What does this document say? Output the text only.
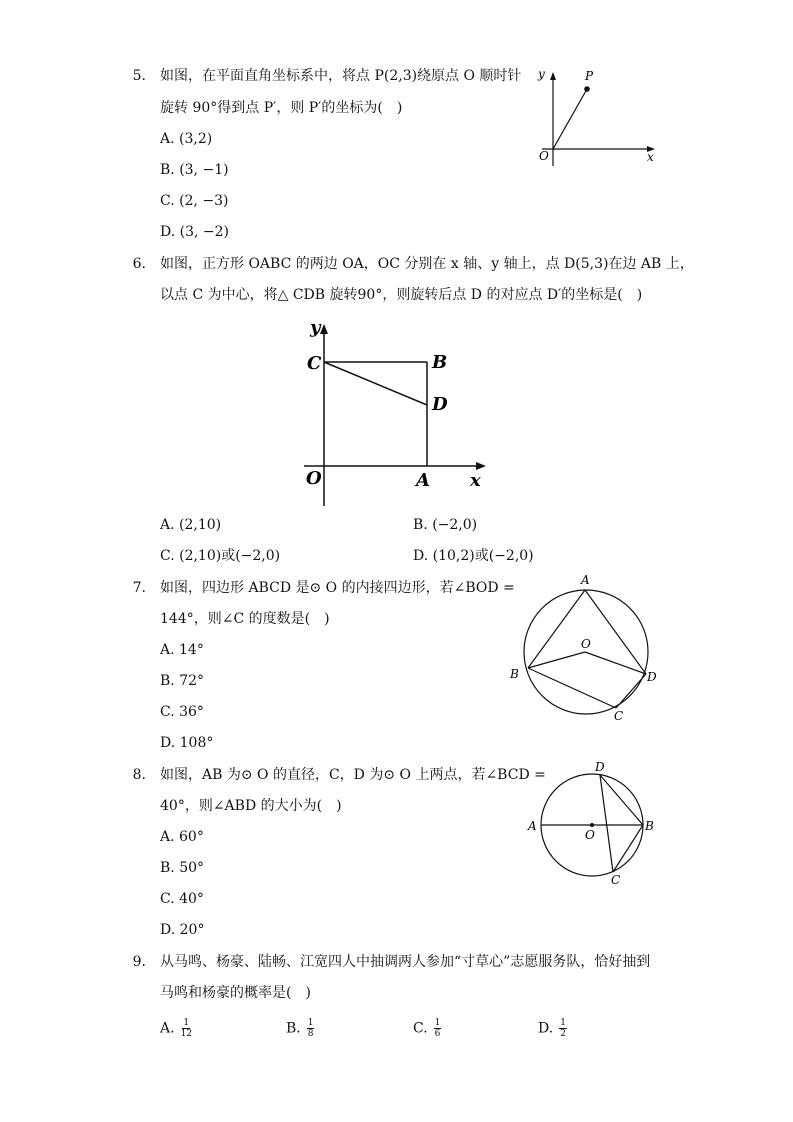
5. 如图，在平面直角坐标系中，将点 P(2,3)绕原点 O 顺时针
旋转 90°得到点 P′，则 P′的坐标为(　)
A. (3,2)
B. (3, −1)
C. (2, −3)
D. (3, −2)
y	P
O	x
6. 如图，正方形 OABC 的两边 OA，OC 分别在 x 轴、y 轴上，点 D(5,3)在边 AB 上，
以点 C 为中心，将△ CDB 旋转90°，则旋转后点 D 的对应点 D′的坐标是(　)
y
C	B
D
O	A x
A. (2,10)	B. (−2,0)
C. (2,10)或(−2,0)	D. (10,2)或(−2,0)
7. 如图，四边形 ABCD 是⊙ O 的内接四边形，若∠BOD =
144°，则∠C 的度数是(　)
A. 14°
B. 72°
C. 36°
D. 108°
A
O
B	D
C
8. 如图，AB 为⊙ O 的直径，C，D 为⊙ O 上两点，若∠BCD =
40°，则∠ABD 的大小为(　)
A. 60°
B. 50°
C. 40°
D. 20°
D
A
O
B
C
9. 从马鸣、杨豪、陆畅、江宽四人中抽调两人参加“寸草心”志愿服务队，恰好抽到
马鸣和杨豪的概率是(　)
A. $\frac{1}{12}$	B. $\frac{1}{8}$	C. $\frac{1}{6}$	D. $\frac{1}{2}$
